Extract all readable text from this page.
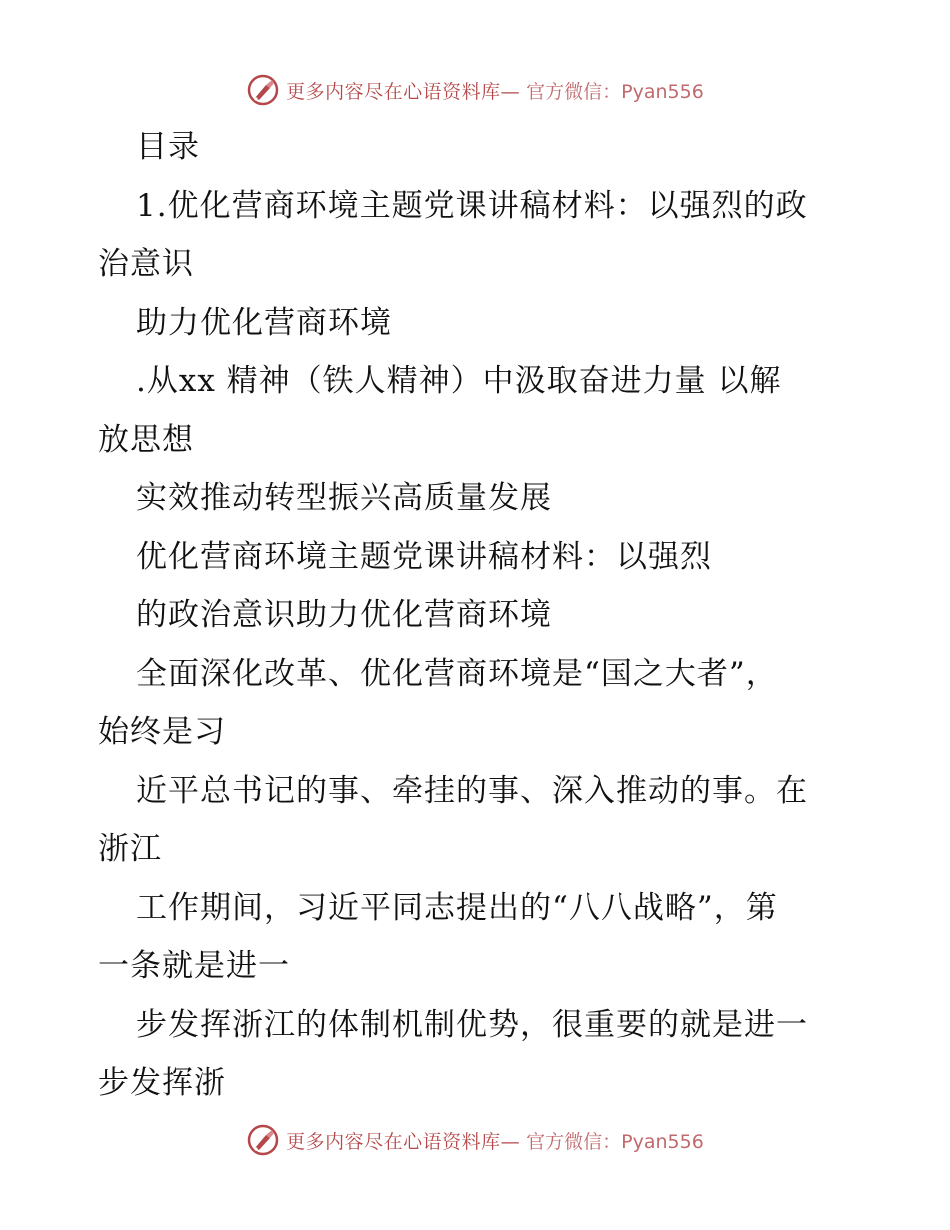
更多内容尽在心语资料库— 官方微信：Pyan556
目录
1.优化营商环境主题党课讲稿材料：以强烈的政
治意识
助力优化营商环境
.从xx 精神（铁人精神）中汲取奋进力量 以解
放思想
实效推动转型振兴高质量发展
优化营商环境主题党课讲稿材料：以强烈
的政治意识助力优化营商环境
全面深化改革、优化营商环境是“国之大者”，
始终是习
近平总书记的事、牵挂的事、深入推动的事。在
浙江
工作期间，习近平同志提出的“八八战略”，第
一条就是进一
步发挥浙江的体制机制优势，很重要的就是进一
步发挥浙
更多内容尽在心语资料库— 官方微信：Pyan556
